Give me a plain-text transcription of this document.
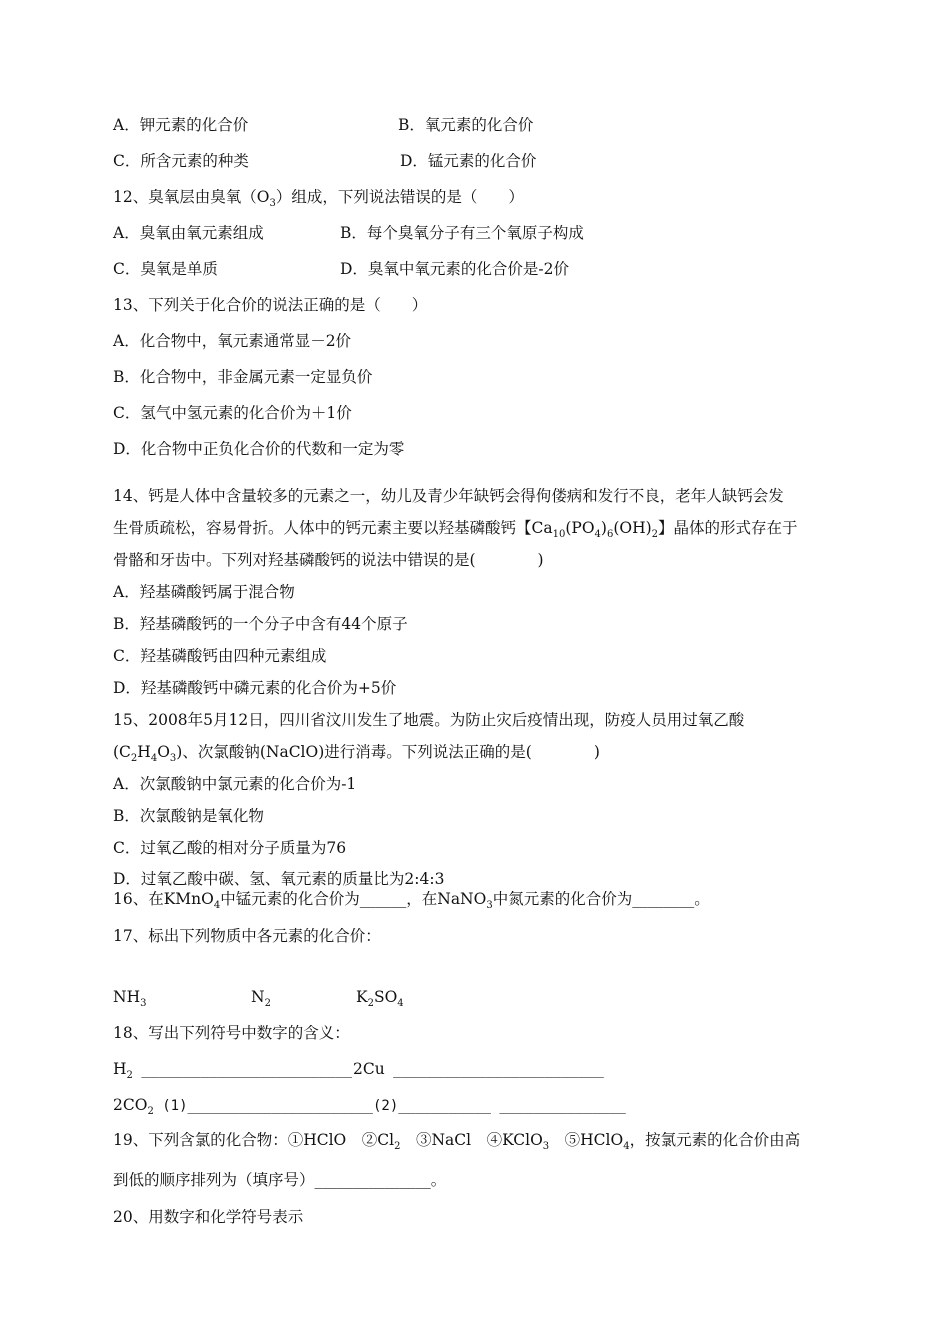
A．钾元素的化合价	B．氧元素的化合价
C．所含元素的种类	D．锰元素的化合价
12、臭氧层由臭氧$(O_3)$组成，下列说法错误的是（　　）
A．臭氧由氧元素组成	B．每个臭氧分子有三个氧原子构成
C．臭氧是单质	D．臭氧中氧元素的化合价是-2价
13、下列关于化合价的说法正确的是（　　）
A．化合物中，氧元素通常显－2价
B．化合物中，非金属元素一定显负价
C．氢气中氢元素的化合价为＋1价
D．化合物中正负化合价的代数和一定为零
14、钙是人体中含量较多的元素之一，幼儿及青少年缺钙会得佝偻病和发行不良，老年人缺钙会发
生骨质疏松，容易骨折。人体中的钙元素主要以羟基磷酸钙【$Ca_{10}(PO_4)_6(OH)_2$】晶体的形式存在于
骨骼和牙齿中。下列对羟基磷酸钙的说法中错误的是(　　　　)
A．羟基磷酸钙属于混合物
B．羟基磷酸钙的一个分子中含有44个原子
C．羟基磷酸钙由四种元素组成
D．羟基磷酸钙中磷元素的化合价为+5价
15、2008年5月12日，四川省汶川发生了地震。为防止灾后疫情出现，防疫人员用过氧乙酸
$(C_2H_4O_3)$、次氯酸钠(NaClO)进行消毒。下列说法正确的是(　　　　)
A．次氯酸钠中氯元素的化合价为-1
B．次氯酸钠是氧化物
C．过氧乙酸的相对分子质量为76
D．过氧乙酸中碳、氢、氧元素的质量比为2:4:3
16、在KMnO$_4$中锰元素的化合价为______，在NaNO$_3$中氮元素的化合价为________。
17、标出下列物质中各元素的化合价：
$NH_3$	$N_2$	$K_2SO_4$
18、写出下列符号中数字的含义：
$H_2$ _________________________ 2Cu _________________________
$2CO_2$ (1)______________________(2)___________ _______________
19、下列含氯的化合物：①HClO　$②Cl_2$　③NaCl　④KClO$_3$　⑤HClO$_4$，按氯元素的化合价由高
到低的顺序排列为（填序号）_______________。
20、用数字和化学符号表示
